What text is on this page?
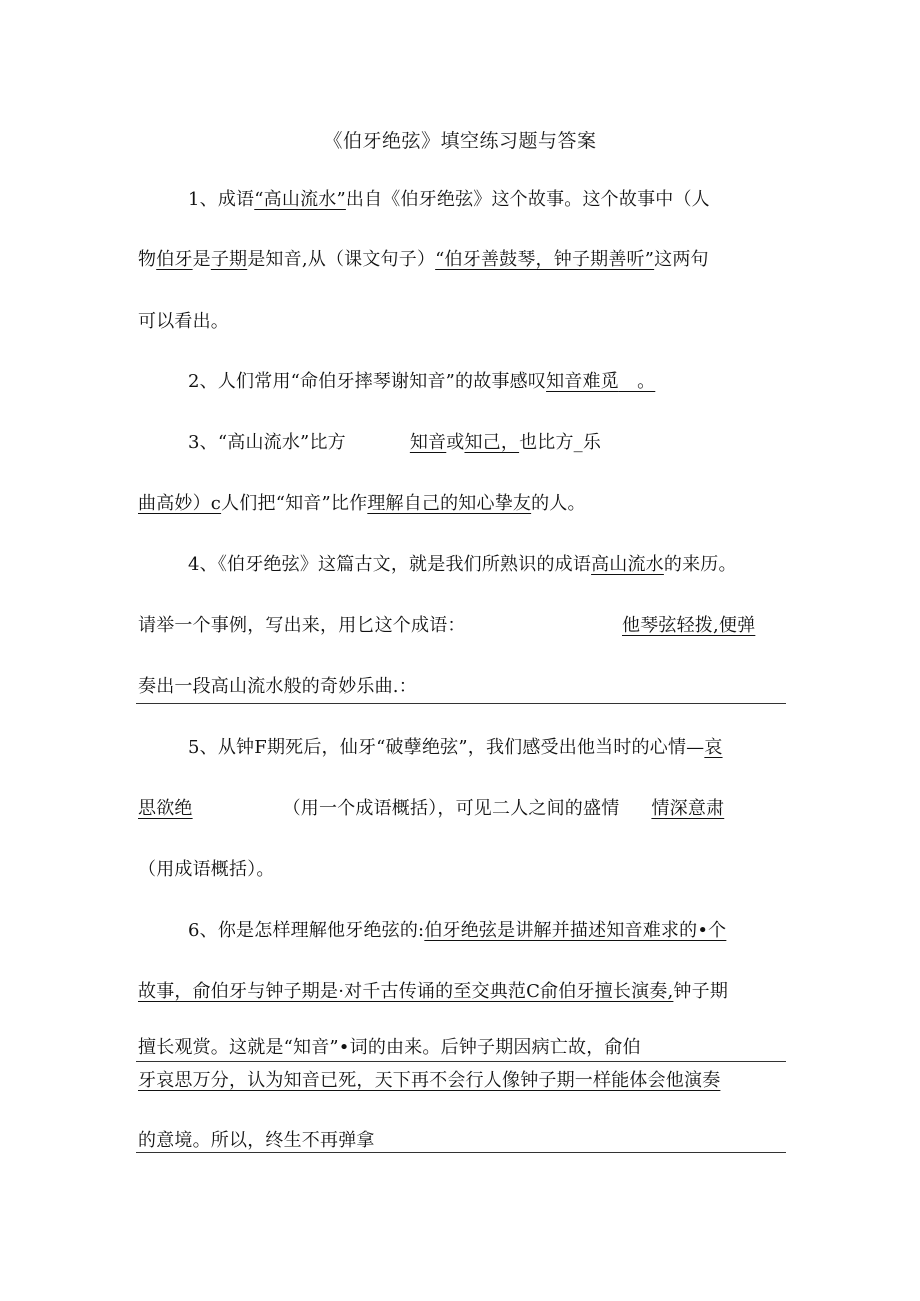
《伯牙绝弦》填空练习题与答案
1、成语“高山流水”出自《伯牙绝弦》这个故事。这个故事中（人
物伯牙是子期是知音,从（课文句子）“伯牙善鼓琴，钟子期善听”这两句
可以看出。
2、人们常用“命伯牙摔琴谢知音”的故事感叹知音难觅　。
3、“高山流水”比方	知音或知己，也比方_乐
曲高妙）c人们把“知音”比作理解自己的知心挚友的人。
4、《伯牙绝弦》这篇古文，就是我们所熟识的成语高山流水的来历。
请举一个事例，写出来，用匕这个成语：	他琴弦轻拨,便弹
奏出一段高山流水般的奇妙乐曲.：
5、从钟F期死后，仙牙“破孽绝弦”，我们感受出他当时的心情—哀
思欲绝	（用一个成语概括），可见二人之间的盛情 情深意肃
（用成语概括）。
6、你是怎样理解他牙绝弦的:伯牙绝弦是讲解并描述知音难求的•个
故事，俞伯牙与钟子期是·对千古传诵的至交典范C俞伯牙擅长演奏,钟子期
擅长观赏。这就是“知音”•词的由来。后钟子期因病亡故，俞伯
牙哀思万分，认为知音已死，天下再不会行人像钟子期一样能体会他演奏
的意境。所以，终生不再弹拿
